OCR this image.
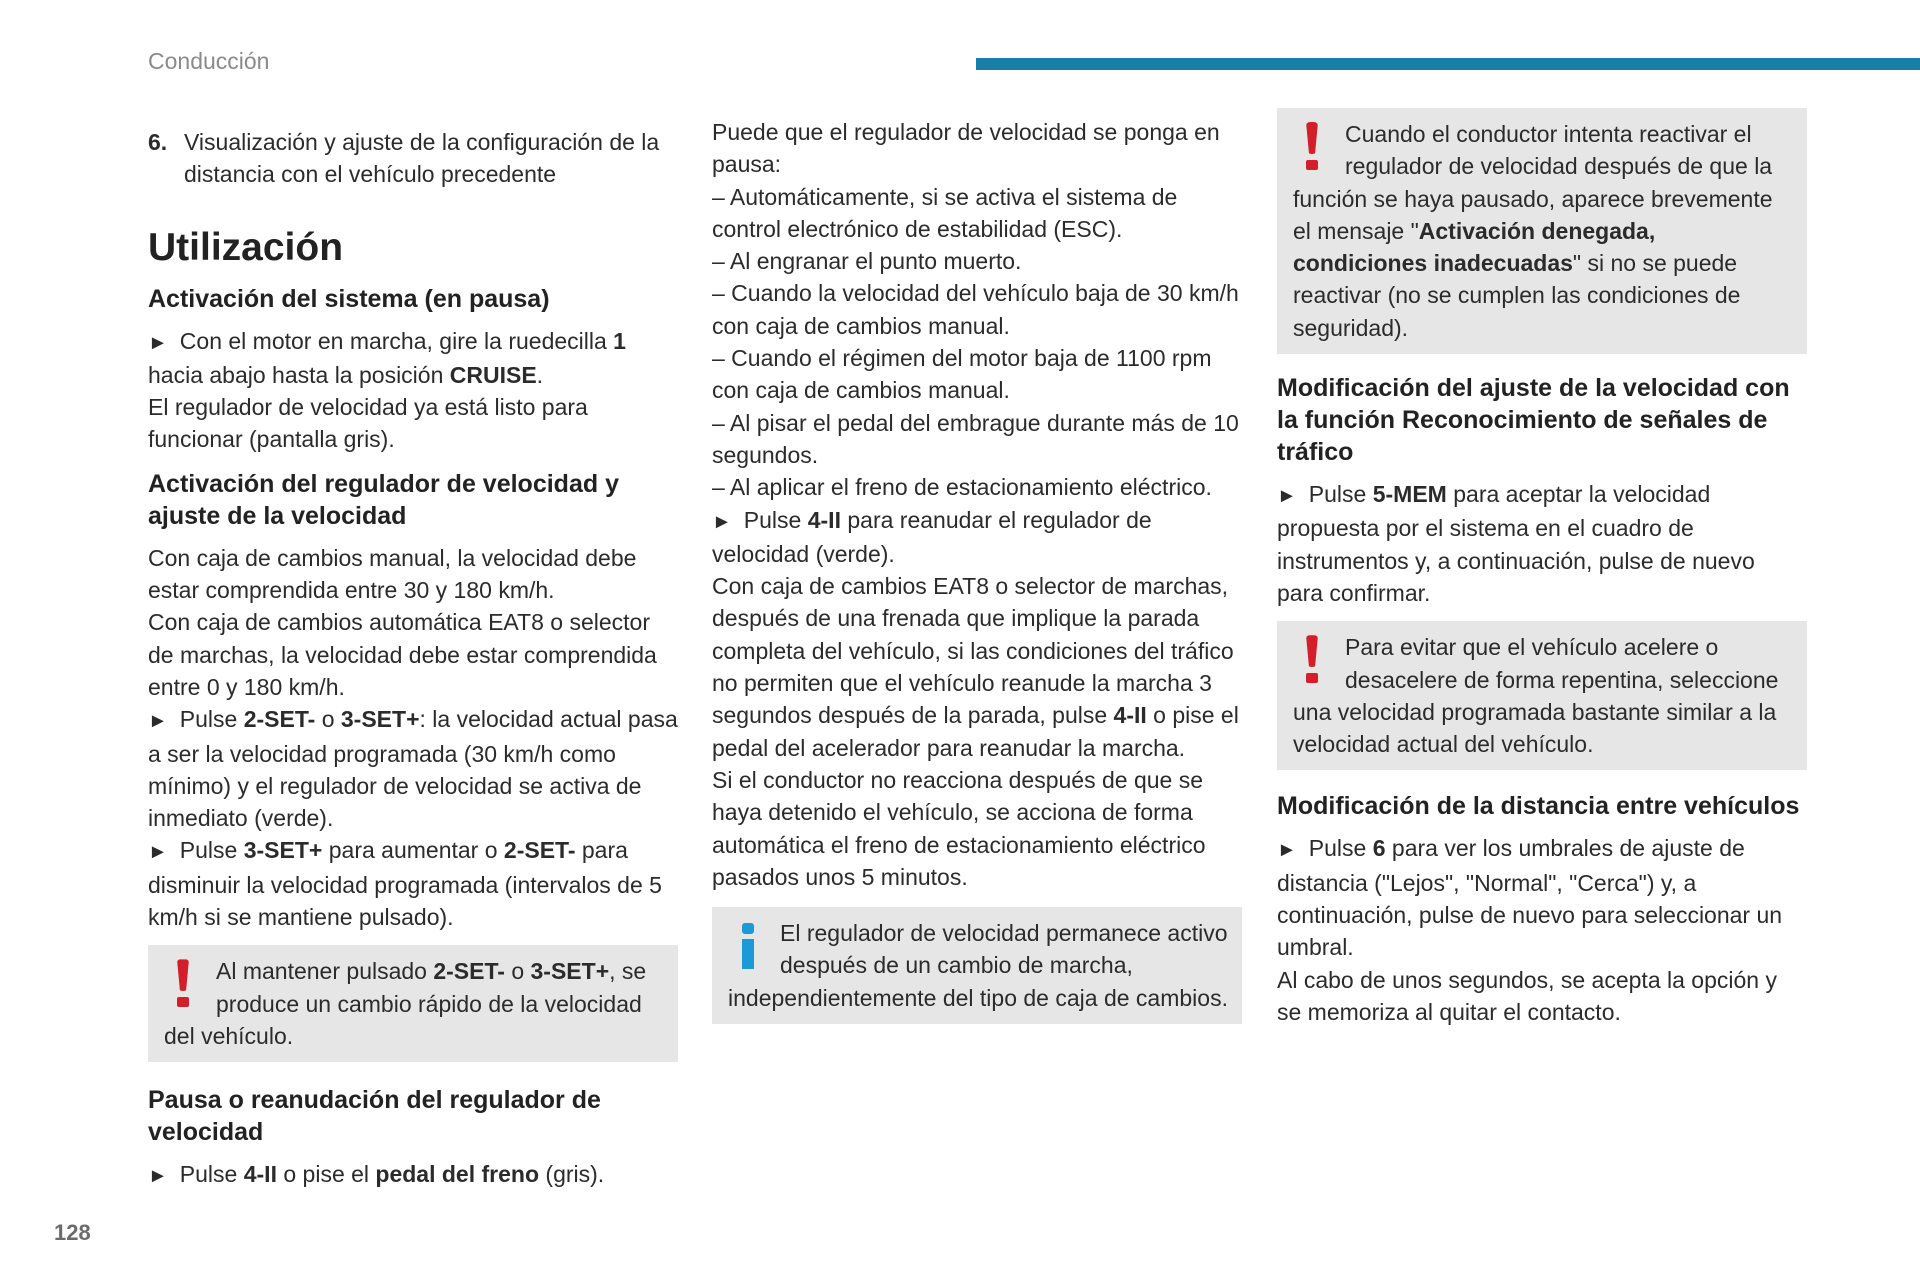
Conducción
6. Visualización y ajuste de la configuración de la distancia con el vehículo precedente
Utilización
Activación del sistema (en pausa)

► Con el motor en marcha, gire la ruedecilla 1 hacia abajo hasta la posición CRUISE.

El regulador de velocidad ya está listo para funcionar (pantalla gris).

Activación del regulador de velocidad y ajuste de la velocidad

Con caja de cambios manual, la velocidad debe estar comprendida entre 30 y 180 km/h.

Con caja de cambios automática EAT8 o selector de marchas, la velocidad debe estar comprendida entre 0 y 180 km/h.

► Pulse 2-SET- o 3-SET+: la velocidad actual pasa a ser la velocidad programada (30 km/h como mínimo) y el regulador de velocidad se activa de inmediato (verde).

► Pulse 3-SET+ para aumentar o 2-SET- para disminuir la velocidad programada (intervalos de 5 km/h si se mantiene pulsado).

Al mantener pulsado 2-SET- o 3-SET+, se produce un cambio rápido de la velocidad del vehículo.
Pausa o reanudación del regulador de velocidad

► Pulse 4-II o pise el pedal del freno (gris).

Puede que el regulador de velocidad se ponga en pausa:

– Automáticamente, si se activa el sistema de control electrónico de estabilidad (ESC).

– Al engranar el punto muerto.

– Cuando la velocidad del vehículo baja de 30 km/h con caja de cambios manual.

– Cuando el régimen del motor baja de 1100 rpm con caja de cambios manual.

– Al pisar el pedal del embrague durante más de 10 segundos.

– Al aplicar el freno de estacionamiento eléctrico.

► Pulse 4-II para reanudar el regulador de velocidad (verde).

Con caja de cambios EAT8 o selector de marchas, después de una frenada que implique la parada completa del vehículo, si las condiciones del tráfico no permiten que el vehículo reanude la marcha 3 segundos después de la parada, pulse 4-II o pise el pedal del acelerador para reanudar la marcha.

Si el conductor no reacciona después de que se haya detenido el vehículo, se acciona de forma automática el freno de estacionamiento eléctrico pasados unos 5 minutos.

El regulador de velocidad permanece activo después de un cambio de marcha, independientemente del tipo de caja de cambios.
Cuando el conductor intenta reactivar el regulador de velocidad después de que la función se haya pausado, aparece brevemente el mensaje "Activación denegada, condiciones inadecuadas" si no se puede reactivar (no se cumplen las condiciones de seguridad).
Modificación del ajuste de la velocidad con la función Reconocimiento de señales de tráfico

► Pulse 5-MEM para aceptar la velocidad propuesta por el sistema en el cuadro de instrumentos y, a continuación, pulse de nuevo para confirmar.

Para evitar que el vehículo acelere o desacelere de forma repentina, seleccione una velocidad programada bastante similar a la velocidad actual del vehículo.
Modificación de la distancia entre vehículos

► Pulse 6 para ver los umbrales de ajuste de distancia ("Lejos", "Normal", "Cerca") y, a continuación, pulse de nuevo para seleccionar un umbral.

Al cabo de unos segundos, se acepta la opción y se memoriza al quitar el contacto.

128
